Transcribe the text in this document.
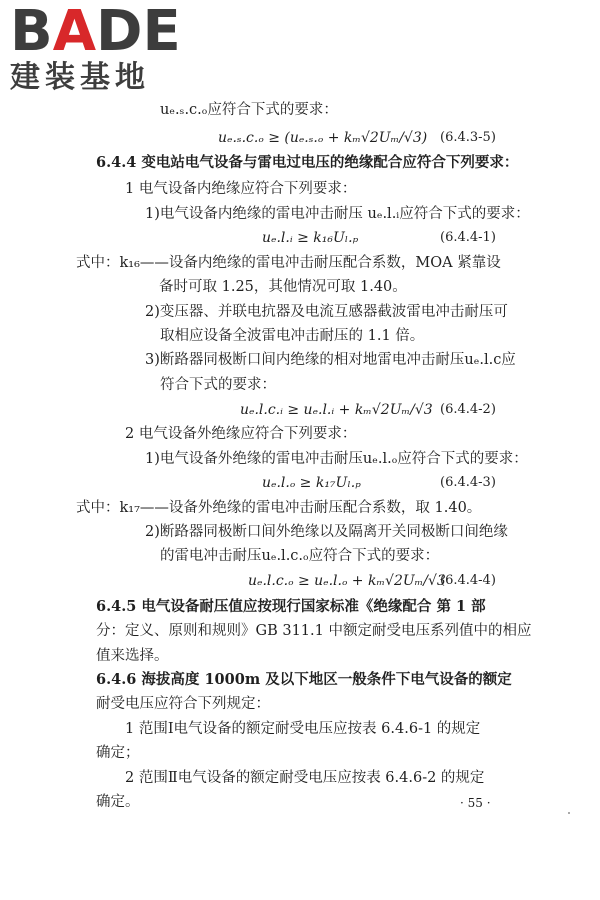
BADE
建装基地
uₑ.ₛ.c.ₒ应符合下式的要求：
uₑ.ₛ.c.ₒ ≥ (uₑ.ₛ.ₒ + kₘ√2Uₘ/√3) (6.4.3-5)
6.4.4 变电站电气设备与雷电过电压的绝缘配合应符合下列要求：
1 电气设备内绝缘应符合下列要求：
1)电气设备内绝缘的雷电冲击耐压 uₑ.l.ᵢ应符合下式的要求：
uₑ.l.ᵢ ≥ k₁₆Uₗ.ₚ	(6.4.4-1)
式中：k₁₆——设备内绝缘的雷电冲击耐压配合系数，MOA 紧靠设
备时可取 1.25，其他情况可取 1.40。
2)变压器、并联电抗器及电流互感器截波雷电冲击耐压可
取相应设备全波雷电冲击耐压的 1.1 倍。
3)断路器同极断口间内绝缘的相对地雷电冲击耐压uₑ.l.c应
符合下式的要求：
uₑ.l.c.ᵢ ≥ uₑ.l.ᵢ + kₘ√2Uₘ/√3 (6.4.4-2)
2 电气设备外绝缘应符合下列要求：
1)电气设备外绝缘的雷电冲击耐压uₑ.l.ₒ应符合下式的要求：
uₑ.l.ₒ ≥ k₁₇Uₗ.ₚ	(6.4.4-3)
式中：k₁₇——设备外绝缘的雷电冲击耐压配合系数，取 1.40。
2)断路器同极断口间外绝缘以及隔离开关同极断口间绝缘
的雷电冲击耐压uₑ.l.c.ₒ应符合下式的要求：
uₑ.l.c.ₒ ≥ uₑ.l.ₒ + kₘ√2Uₘ/√3
(6.4.4-4)
6.4.5 电气设备耐压值应按现行国家标准《绝缘配合 第 1 部
分：定义、原则和规则》GB 311.1 中额定耐受电压系列值中的相应
值来选择。
6.4.6 海拔高度 1000m 及以下地区一般条件下电气设备的额定
耐受电压应符合下列规定：
1 范围Ⅰ电气设备的额定耐受电压应按表 6.4.6-1 的规定
确定；
2 范围Ⅱ电气设备的额定耐受电压应按表 6.4.6-2 的规定
确定。	· 55 ·
